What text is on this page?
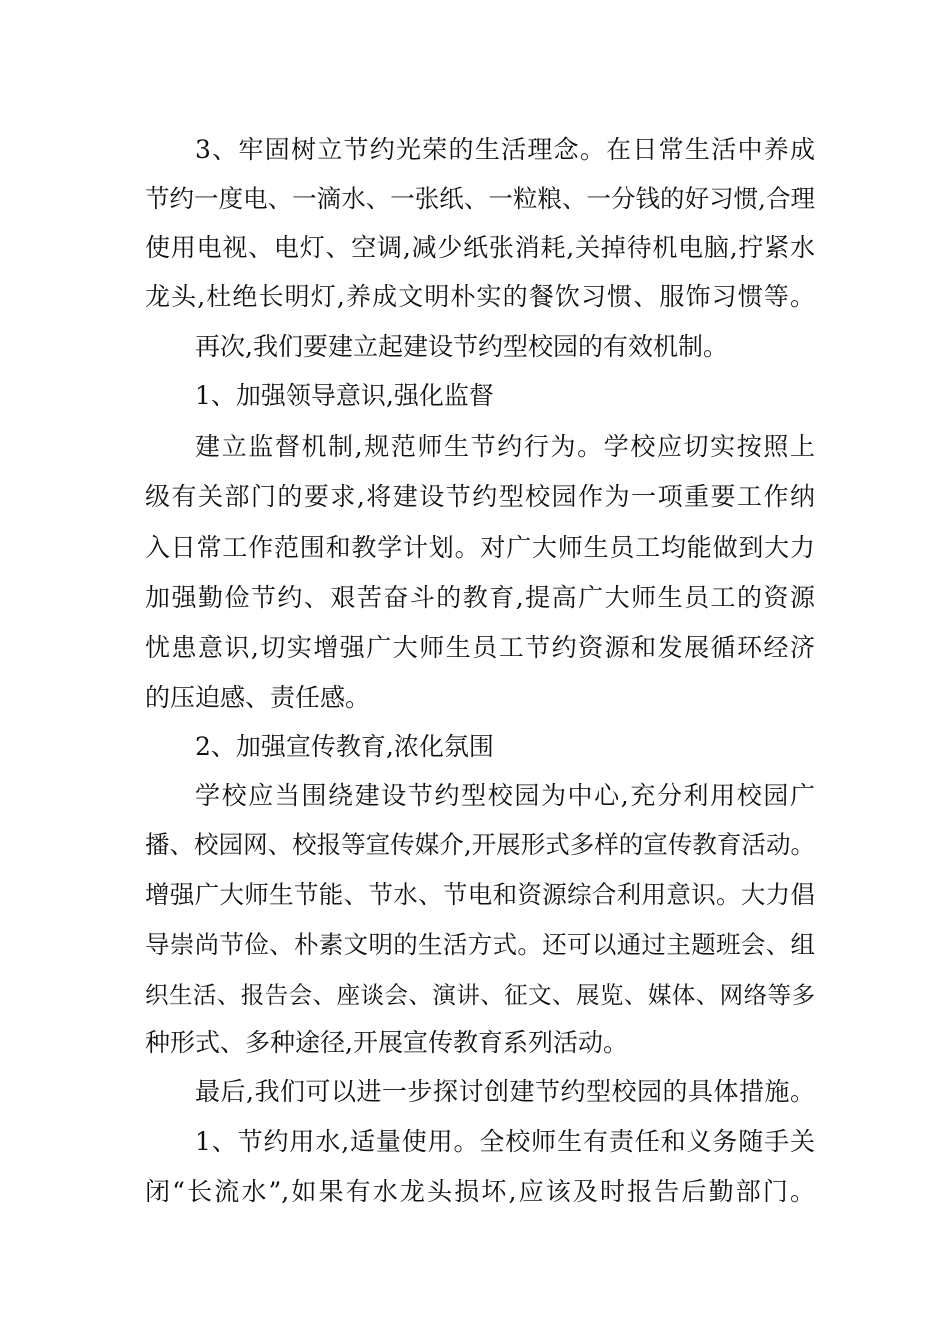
3、牢固树立节约光荣的生活理念。在日常生活中养成
节约一度电、一滴水、一张纸、一粒粮、一分钱的好习惯,合理
使用电视、电灯、空调,减少纸张消耗,关掉待机电脑,拧紧水
龙头,杜绝长明灯,养成文明朴实的餐饮习惯、服饰习惯等。
再次,我们要建立起建设节约型校园的有效机制。
1、加强领导意识,强化监督
建立监督机制,规范师生节约行为。学校应切实按照上
级有关部门的要求,将建设节约型校园作为一项重要工作纳
入日常工作范围和教学计划。对广大师生员工均能做到大力
加强勤俭节约、艰苦奋斗的教育,提高广大师生员工的资源
忧患意识,切实增强广大师生员工节约资源和发展循环经济
的压迫感、责任感。
2、加强宣传教育,浓化氛围
学校应当围绕建设节约型校园为中心,充分利用校园广
播、校园网、校报等宣传媒介,开展形式多样的宣传教育活动。
增强广大师生节能、节水、节电和资源综合利用意识。大力倡
导崇尚节俭、朴素文明的生活方式。还可以通过主题班会、组
织生活、报告会、座谈会、演讲、征文、展览、媒体、网络等多
种形式、多种途径,开展宣传教育系列活动。
最后,我们可以进一步探讨创建节约型校园的具体措施。
1、节约用水,适量使用。全校师生有责任和义务随手关
闭“长流水”,如果有水龙头损坏,应该及时报告后勤部门。
